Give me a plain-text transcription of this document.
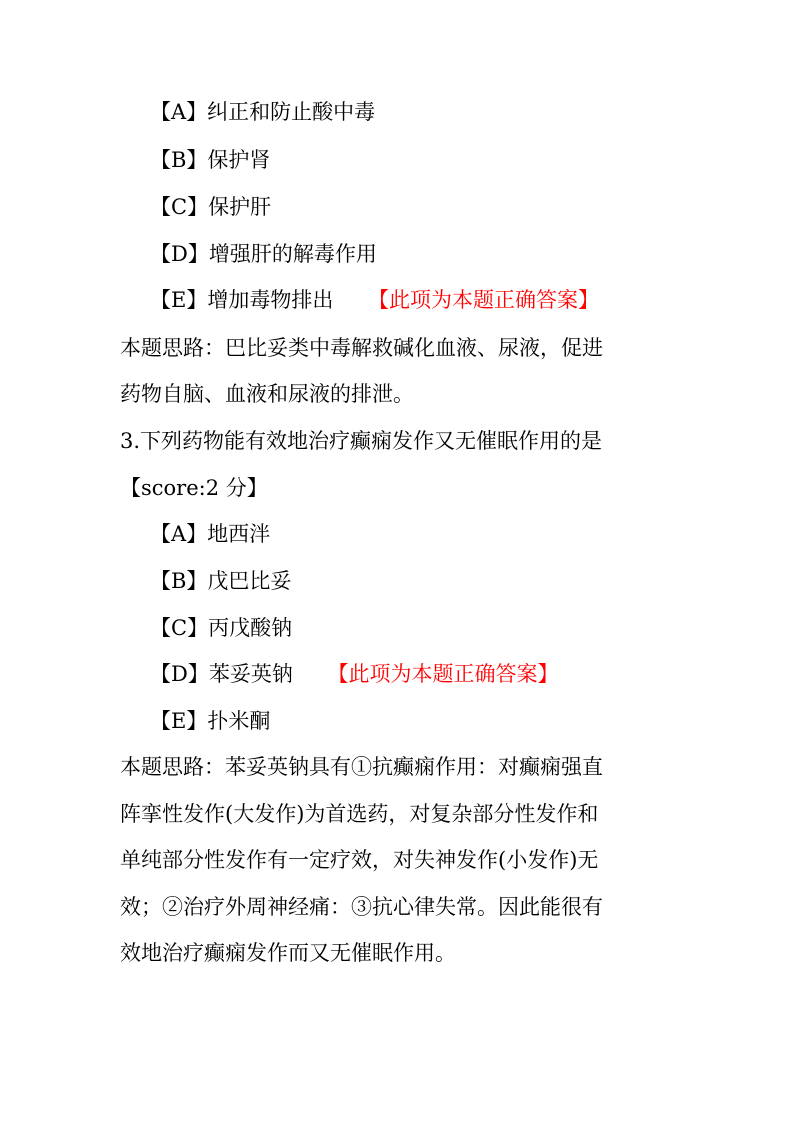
【A】纠正和防止酸中毒
【B】保护肾
【C】保护肝
【D】增强肝的解毒作用
【E】增加毒物排出 【此项为本题正确答案】
本题思路：巴比妥类中毒解救碱化血液、尿液，促进
药物自脑、血液和尿液的排泄。
3.下列药物能有效地治疗癫痫发作又无催眠作用的是
【score:2 分】
【A】地西泮
【B】戊巴比妥
【C】丙戊酸钠
【D】苯妥英钠 【此项为本题正确答案】
【E】扑米酮
本题思路：苯妥英钠具有①抗癫痫作用：对癫痫强直
阵挛性发作(大发作)为首选药，对复杂部分性发作和
单纯部分性发作有一定疗效，对失神发作(小发作)无
效；②治疗外周神经痛：③抗心律失常。因此能很有
效地治疗癫痫发作而又无催眠作用。
